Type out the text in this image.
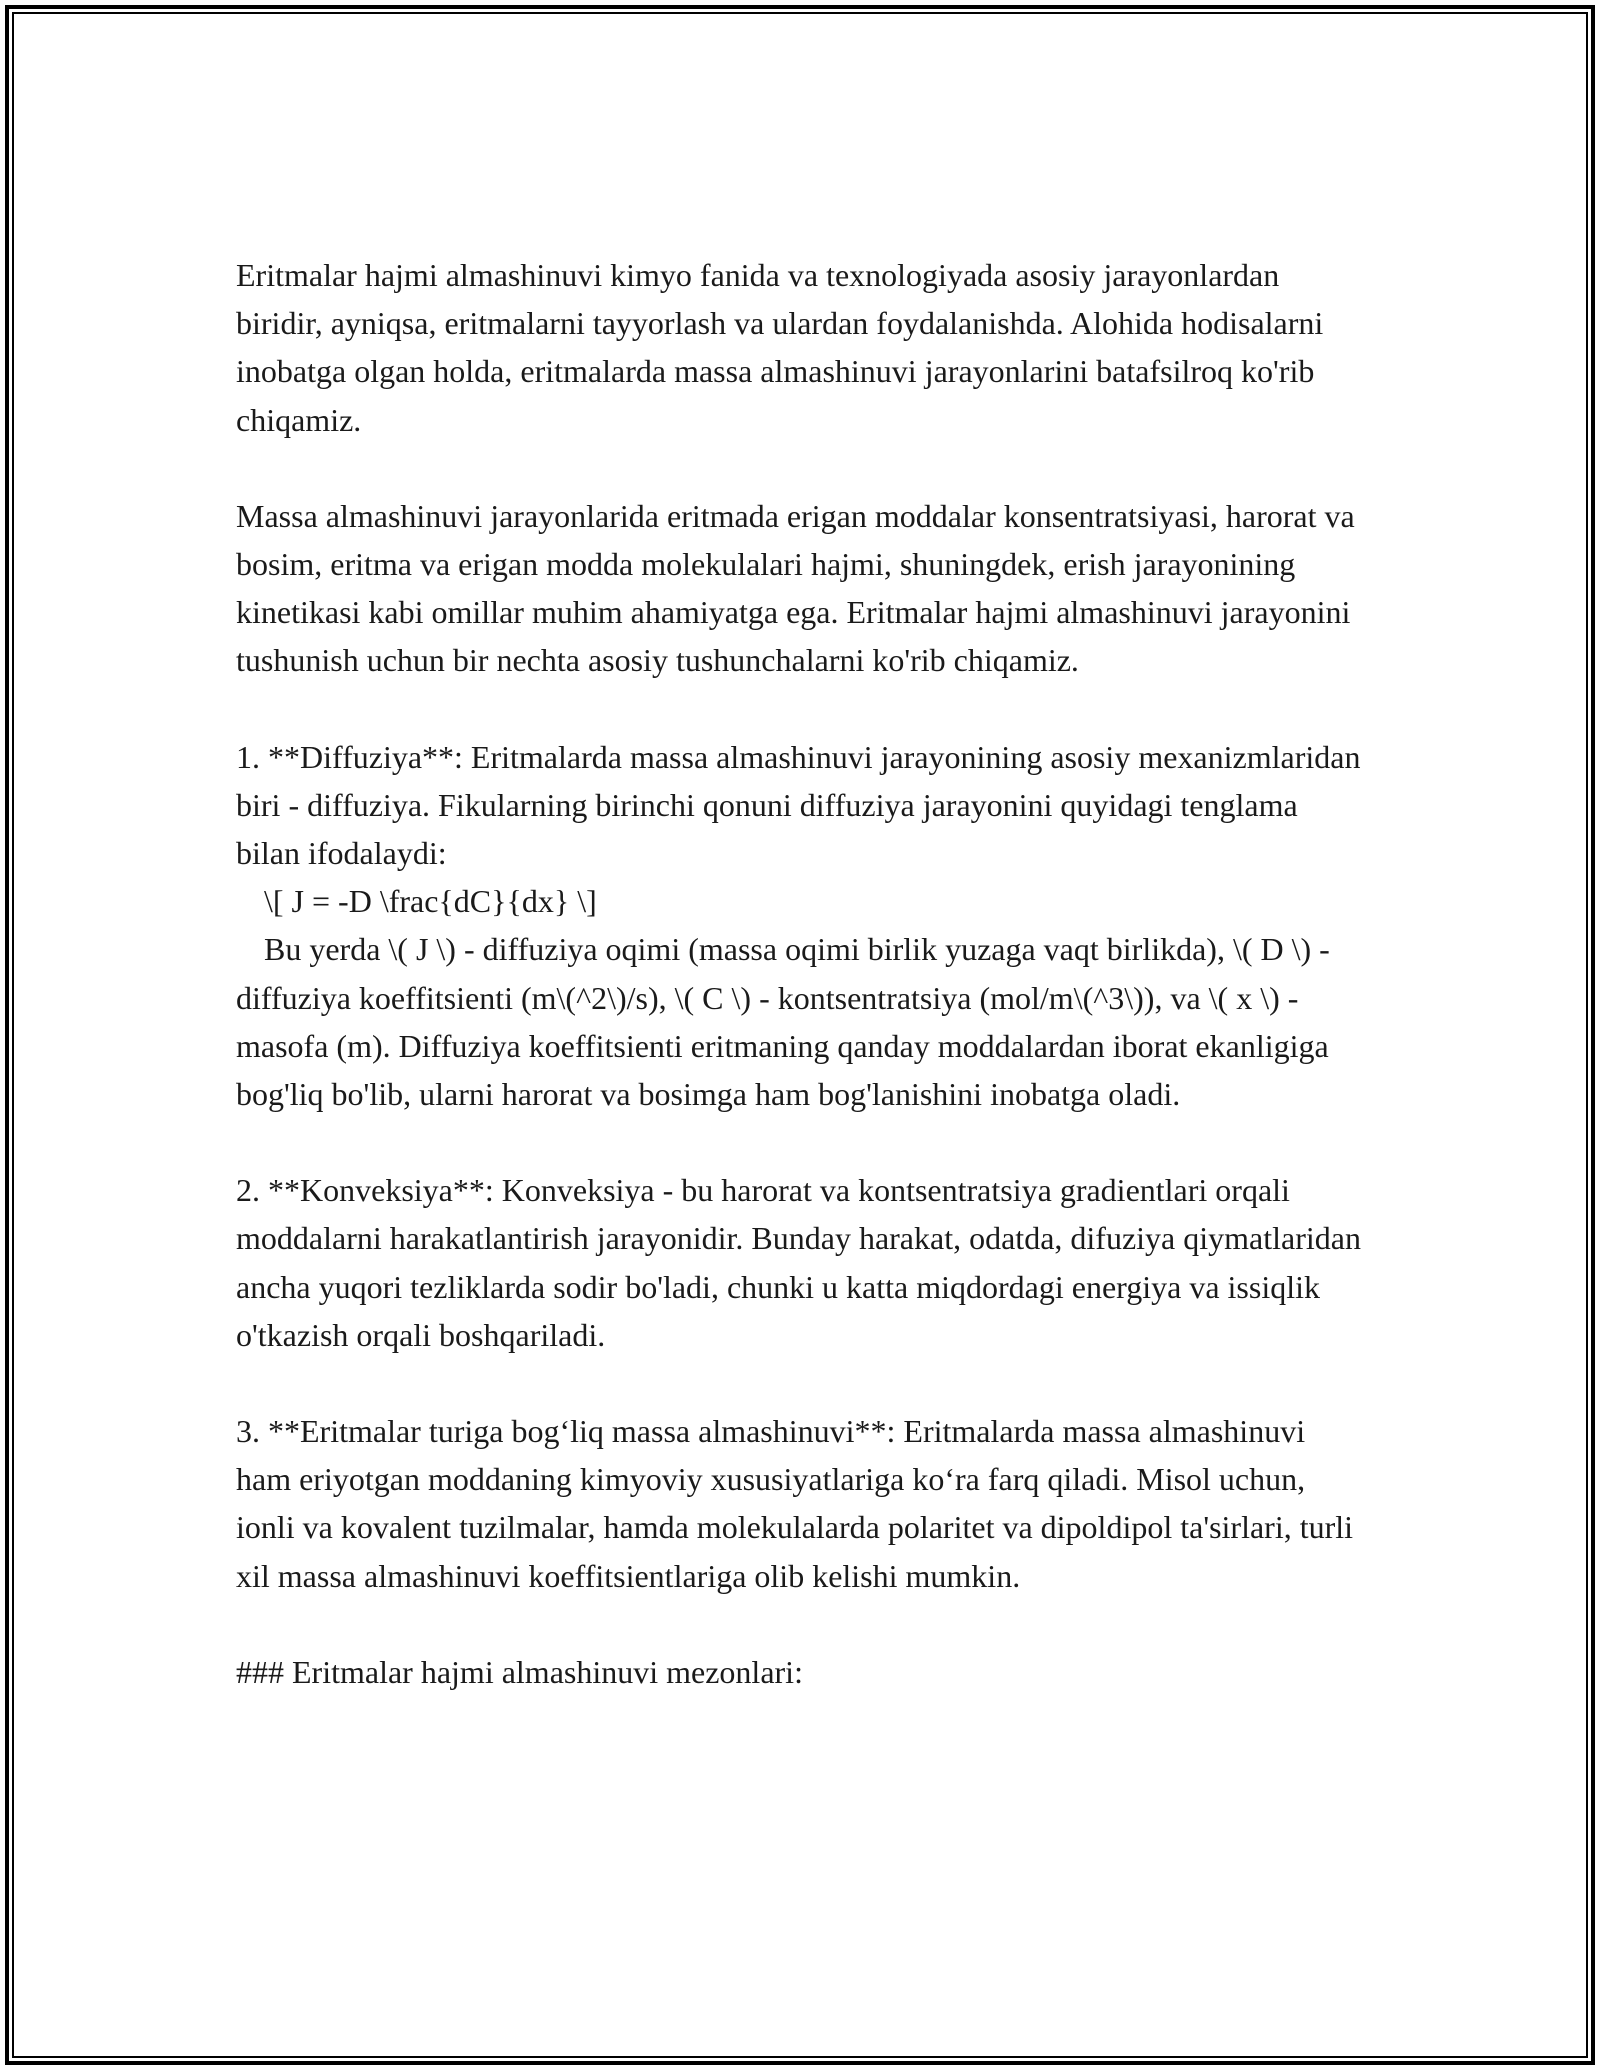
Eritmalar hajmi almashinuvi kimyo fanida va texnologiyada asosiy jarayonlardan biridir, ayniqsa, eritmalarni tayyorlash va ulardan foydalanishda. Alohida hodisalarni inobatga olgan holda, eritmalarda massa almashinuvi jarayonlarini batafsilroq ko'rib chiqamiz.

Massa almashinuvi jarayonlarida eritmada erigan moddalar konsentratsiyasi, harorat va bosim, eritma va erigan modda molekulalari hajmi, shuningdek, erish jarayonining kinetikasi kabi omillar muhim ahamiyatga ega. Eritmalar hajmi almashinuvi jarayonini tushunish uchun bir nechta asosiy tushunchalarni ko'rib chiqamiz.

1. **Diffuziya**: Eritmalarda massa almashinuvi jarayonining asosiy mexanizmlaridan biri - diffuziya. Fikularning birinchi qonuni diffuziya jarayonini quyidagi tenglama bilan ifodalaydi:
\[ J = -D \frac{dC}{dx} \]
Bu yerda \( J \) - diffuziya oqimi (massa oqimi birlik yuzaga vaqt birlikda), \( D \) - diffuziya koeffitsienti (m\(^2\)/s), \( C \) - kontsentratsiya (mol/m\(^3\)), va \( x \) - masofa (m). Diffuziya koeffitsienti eritmaning qanday moddalardan iborat ekanligiga bog'liq bo'lib, ularni harorat va bosimga ham bog'lanishini inobatga oladi.

2. **Konveksiya**: Konveksiya - bu harorat va kontsentratsiya gradientlari orqali moddalarni harakatlantirish jarayonidir. Bunday harakat, odatda, difuziya qiymatlaridan ancha yuqori tezliklarda sodir bo'ladi, chunki u katta miqdordagi energiya va issiqlik o'tkazish orqali boshqariladi.

3. **Eritmalar turiga bog‘liq massa almashinuvi**: Eritmalarda massa almashinuvi ham eriyotgan moddaning kimyoviy xususiyatlariga ko‘ra farq qiladi. Misol uchun, ionli va kovalent tuzilmalar, hamda molekulalarda polaritet va dipoldipol ta'sirlari, turli xil massa almashinuvi koeffitsientlariga olib kelishi mumkin.

### Eritmalar hajmi almashinuvi mezonlari:
